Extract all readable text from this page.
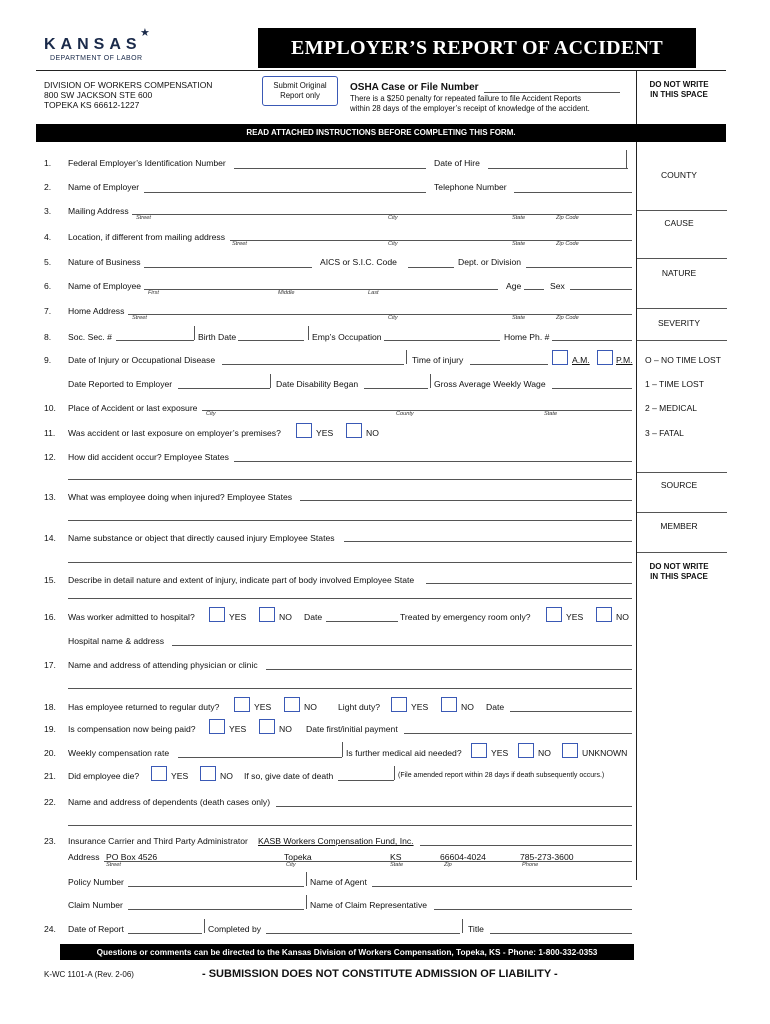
KANSAS
★
DEPARTMENT OF LABOR	EMPLOYER’S REPORT OF ACCIDENT
DIVISION OF WORKERS COMPENSATION
800 SW JACKSON STE 600
TOPEKA KS 66612-1227
Submit Original
Report only
OSHA Case or File Number
There is a $250 penalty for repeated failure to file Accident Reports
within 28 days of the employer’s receipt of knowledge of the accident.
DO NOT WRITE
IN THIS SPACE
READ ATTACHED INSTRUCTIONS BEFORE COMPLETING THIS FORM.
COUNTY
CAUSE
NATURE
SEVERITY
O – NO TIME LOST
1 – TIME LOST
2 – MEDICAL
3 – FATAL
SOURCE
MEMBER
DO NOT WRITE
IN THIS SPACE
1. Federal Employer’s Identification Number	Date of Hire
2. Name of Employer	Telephone Number
3. Mailing Address
Street	City	State	Zip Code
4. Location, if different from mailing address
Street	City	State	Zip Code
5. Nature of Business	AICS or S.I.C. Code	Dept. or Division
6. Name of Employee
First	Middle	Last
Age	Sex
7. Home Address
Street	City	State	Zip Code
8. Soc. Sec. #	Birth Date	Emp’s Occupation	Home Ph. #
9. Date of Injury or Occupational Disease	Time of injury	A.M.	P.M.
Date Reported to Employer	Date Disability Began	Gross Average Weekly Wage
10. Place of Accident or last exposure
City	County	State
11. Was accident or last exposure on employer’s premises?	YES	NO
12. How did accident occur? Employee States
13. What was employee doing when injured? Employee States
14. Name substance or object that directly caused injury Employee States
15. Describe in detail nature and extent of injury, indicate part of body involved Employee State
16. Was worker admitted to hospital?	YES	NO Date	Treated by emergency room only?	YES	NO
Hospital name & address
17. Name and address of attending physician or clinic
18. Has employee returned to regular duty?	YES	NO Light duty?	YES	NO Date
19. Is compensation now being paid?	YES	NO Date first/initial payment
20. Weekly compensation rate	Is further medical aid needed?	YES	NO	UNKNOWN
21. Did employee die?	YES	NO If so, give date of death	(File amended report within 28 days if death subsequently occurs.)
22. Name and address of dependents (death cases only)
23. Insurance Carrier and Third Party Administrator KASB Workers Compensation Fund, Inc.
Address PO Box 4526	Topeka	KS	66604-4024	785-273-3600
Street	City	State	Zip	Phone
Policy Number	Name of Agent
Claim Number	Name of Claim Representative
24. Date of Report	Completed by	Title
Questions or comments can be directed to the Kansas Division of Workers Compensation, Topeka, KS - Phone: 1-800-332-0353
K-WC 1101-A (Rev. 2-06)	- SUBMISSION DOES NOT CONSTITUTE ADMISSION OF LIABILITY -
